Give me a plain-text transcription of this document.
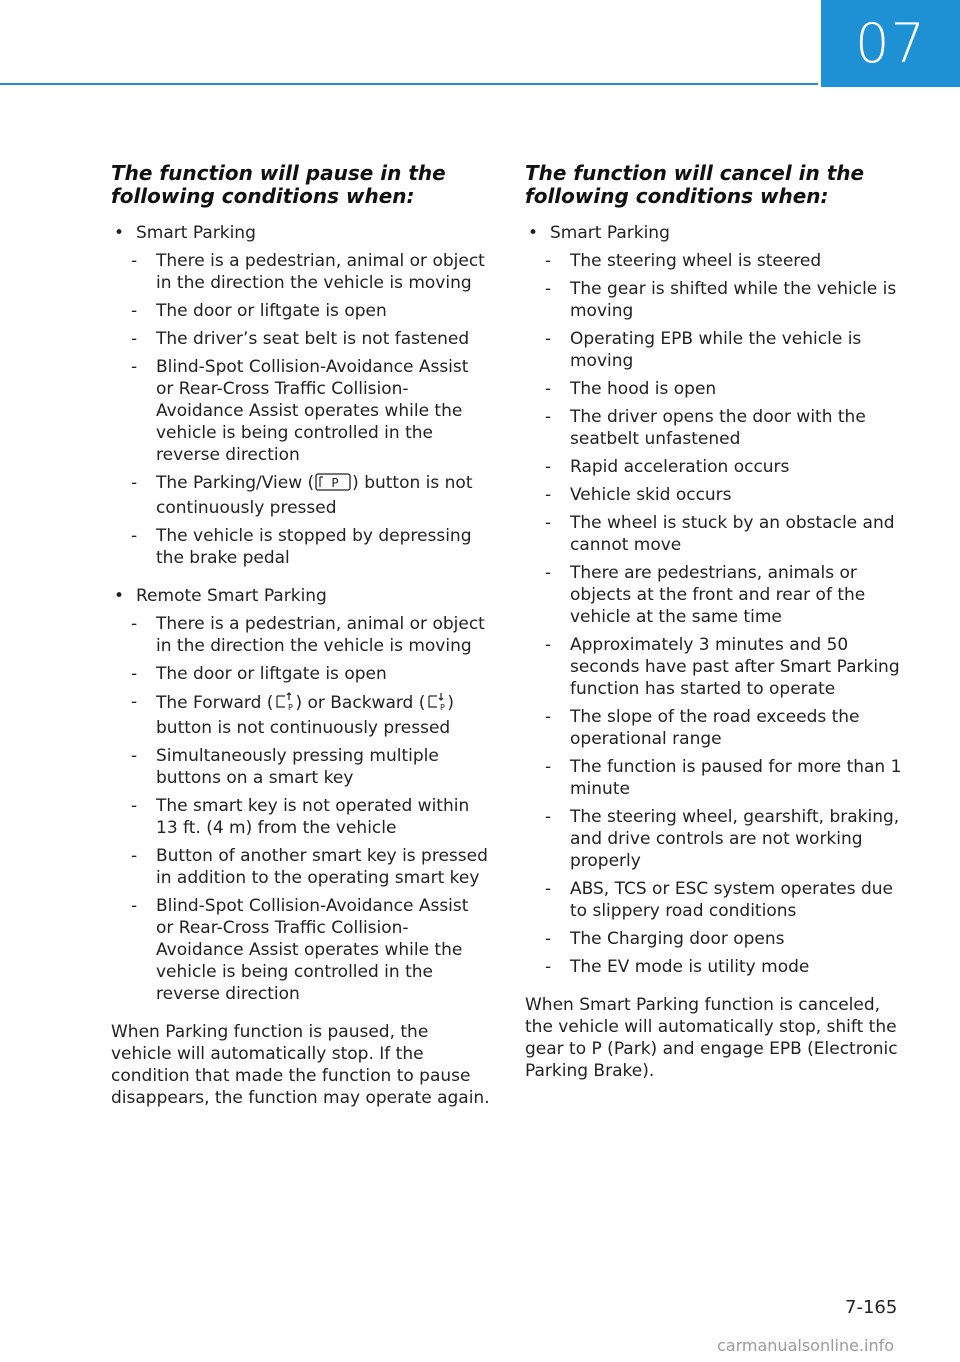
07
The function will pause in the
following conditions when:
• Smart Parking
- There is a pedestrian, animal or object in the direction the vehicle is moving
- The door or liftgate is open
- The driver’s seat belt is not fastened
- Blind-Spot Collision-Avoidance Assist or Rear-Cross Traffic Collision-Avoidance Assist operates while the vehicle is being controlled in the reverse direction
- The Parking/View ( P ) button is not continuously pressed
- The vehicle is stopped by depressing the brake pedal
• Remote Smart Parking
- There is a pedestrian, animal or object in the direction the vehicle is moving
- The door or liftgate is open
- The Forward ( P ) or Backward ( P ) button is not continuously pressed
- Simultaneously pressing multiple buttons on a smart key
- The smart key is not operated within 13 ft. (4 m) from the vehicle
- Button of another smart key is pressed in addition to the operating smart key
- Blind-Spot Collision-Avoidance Assist or Rear-Cross Traffic Collision-Avoidance Assist operates while the vehicle is being controlled in the reverse direction
When Parking function is paused, the vehicle will automatically stop. If the condition that made the function to pause disappears, the function may operate again.
The function will cancel in the
following conditions when:
• Smart Parking
- The steering wheel is steered
- The gear is shifted while the vehicle is moving
- Operating EPB while the vehicle is moving
- The hood is open
- The driver opens the door with the seatbelt unfastened
- Rapid acceleration occurs
- Vehicle skid occurs
- The wheel is stuck by an obstacle and cannot move
- There are pedestrians, animals or objects at the front and rear of the vehicle at the same time
- Approximately 3 minutes and 50 seconds have past after Smart Parking function has started to operate
- The slope of the road exceeds the operational range
- The function is paused for more than 1 minute
- The steering wheel, gearshift, braking, and drive controls are not working properly
- ABS, TCS or ESC system operates due to slippery road conditions
- The Charging door opens
- The EV mode is utility mode
When Smart Parking function is canceled, the vehicle will automatically stop, shift the gear to P (Park) and engage EPB (Electronic Parking Brake).
7-165
carmanualsonline.info
